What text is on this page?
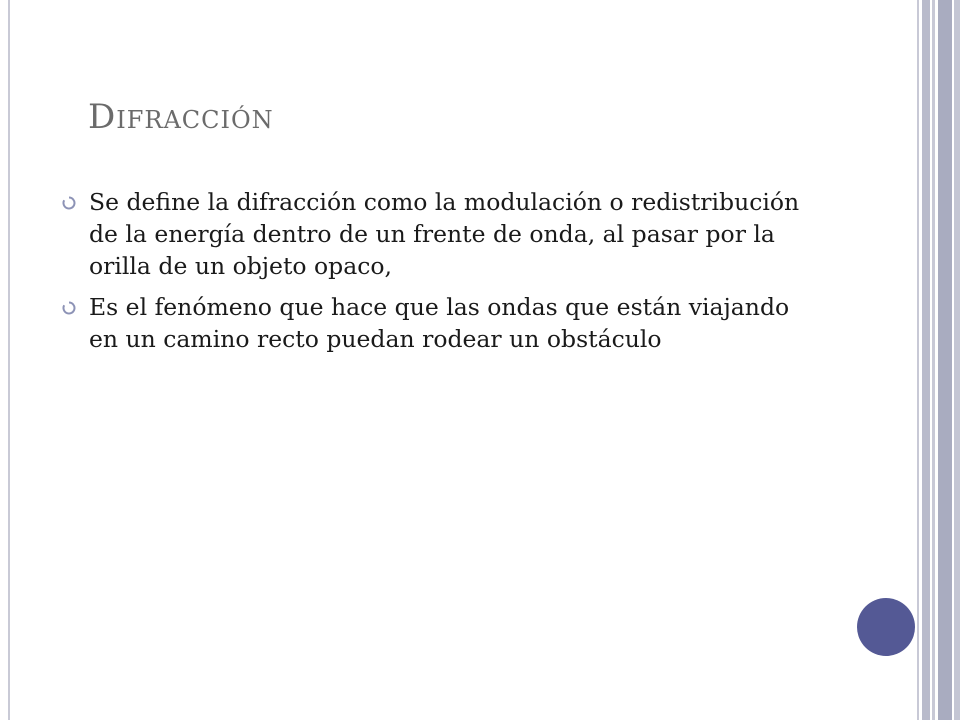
Difracción
Se define la difracción como la modulación o redistribución de la energía dentro de un frente de onda, al pasar por la orilla de un objeto opaco,
Es el fenómeno que hace que las ondas que están viajando en un camino recto puedan rodear un obstáculo
